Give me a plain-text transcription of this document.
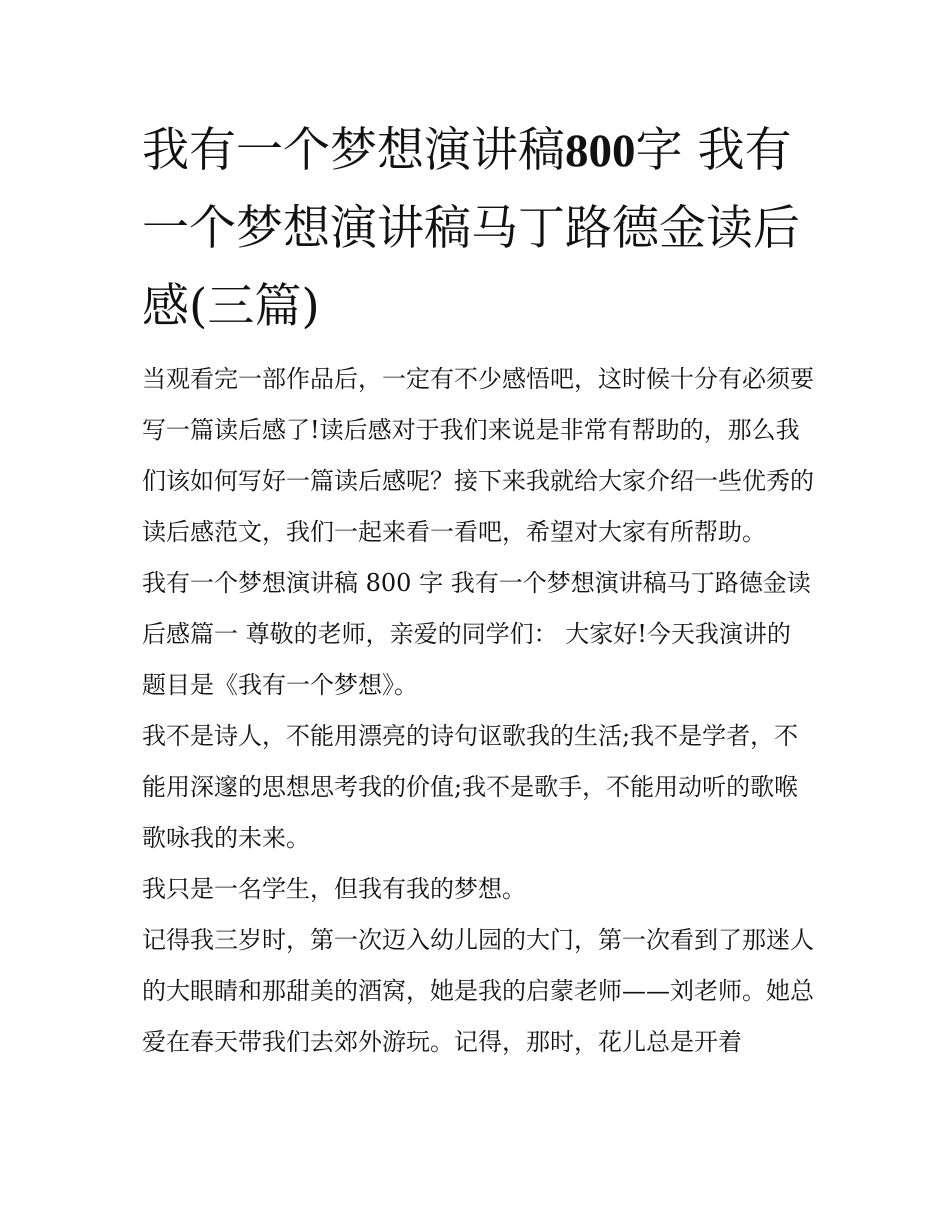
我有一个梦想演讲稿800字 我有一个梦想演讲稿马丁路德金读后感(三篇)

当观看完一部作品后，一定有不少感悟吧，这时候十分有必须要写一篇读后感了!读后感对于我们来说是非常有帮助的，那么我们该如何写好一篇读后感呢？接下来我就给大家介绍一些优秀的读后感范文，我们一起来看一看吧，希望对大家有所帮助。

我有一个梦想演讲稿 800 字 我有一个梦想演讲稿马丁路德金读后感篇一 尊敬的老师，亲爱的同学们： 大家好!今天我演讲的题目是《我有一个梦想》。

我不是诗人，不能用漂亮的诗句讴歌我的生活;我不是学者，不能用深邃的思想思考我的价值;我不是歌手，不能用动听的歌喉歌咏我的未来。

我只是一名学生，但我有我的梦想。

记得我三岁时，第一次迈入幼儿园的大门，第一次看到了那迷人的大眼睛和那甜美的酒窝，她是我的启蒙老师——刘老师。她总爱在春天带我们去郊外游玩。记得，那时，花儿总是开着
